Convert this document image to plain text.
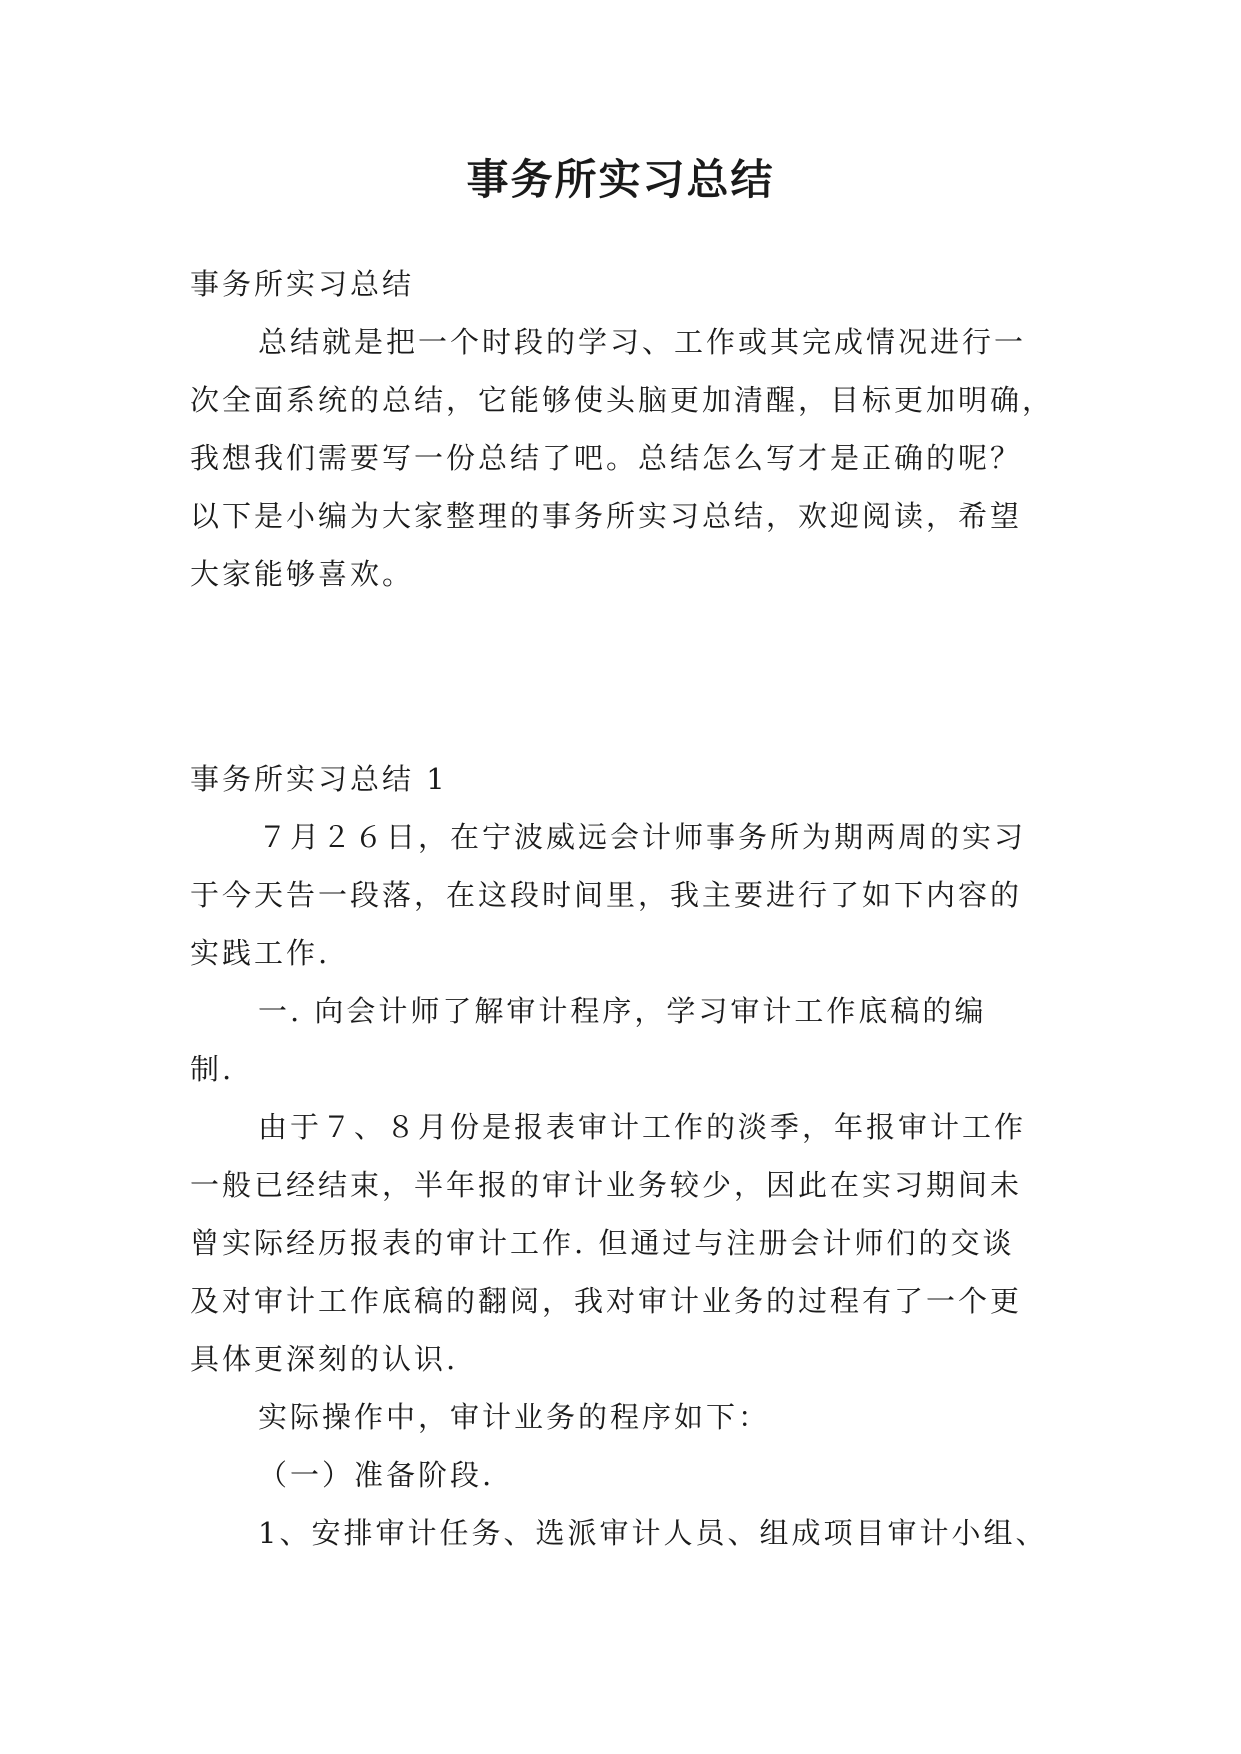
事务所实习总结
事务所实习总结
总结就是把一个时段的学习、工作或其完成情况进行一
次全面系统的总结，它能够使头脑更加清醒，目标更加明确，
我想我们需要写一份总结了吧。总结怎么写才是正确的呢？
以下是小编为大家整理的事务所实习总结，欢迎阅读，希望
大家能够喜欢。
事务所实习总结 1
７月２６日，在宁波威远会计师事务所为期两周的实习
于今天告一段落，在这段时间里，我主要进行了如下内容的
实践工作.
一. 向会计师了解审计程序，学习审计工作底稿的编
制.
由于７、８月份是报表审计工作的淡季，年报审计工作
一般已经结束，半年报的审计业务较少，因此在实习期间未
曾实际经历报表的审计工作. 但通过与注册会计师们的交谈
及对审计工作底稿的翻阅，我对审计业务的过程有了一个更
具体更深刻的认识.
实际操作中，审计业务的程序如下：
（一）准备阶段.
1、安排审计任务、选派审计人员、组成项目审计小组、
